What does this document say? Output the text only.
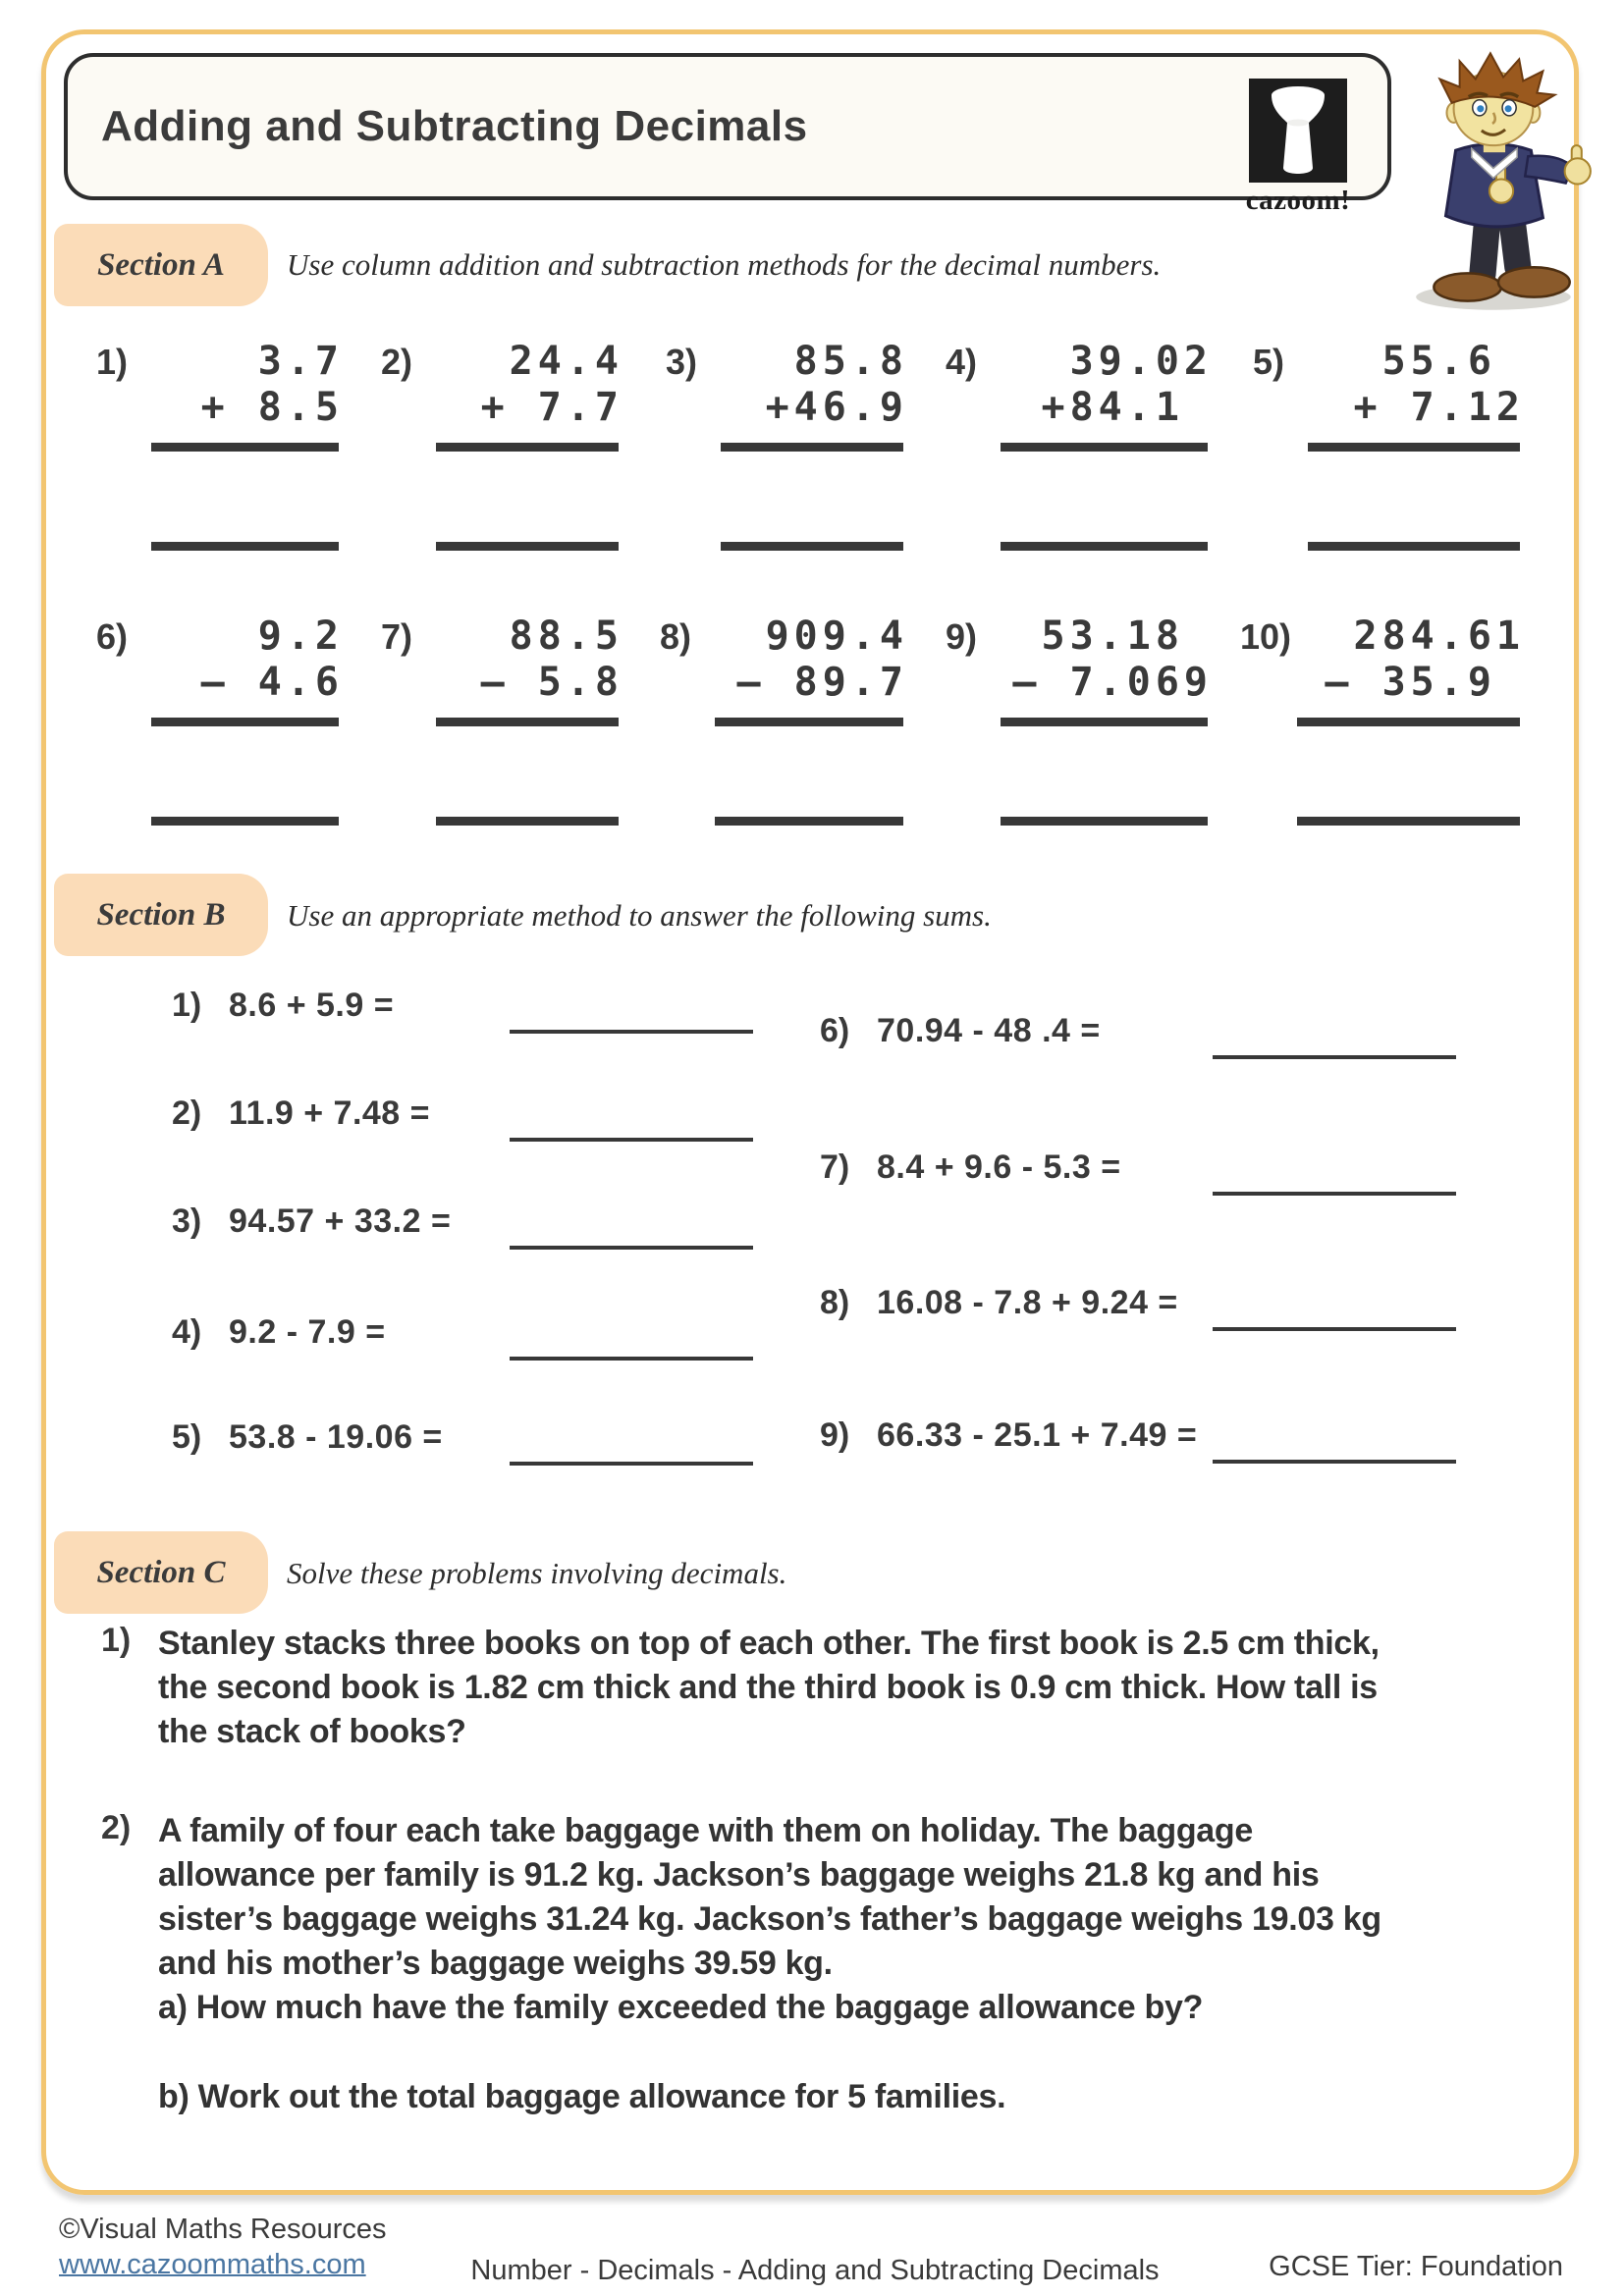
Adding and Subtracting Decimals
cazoom!
Section A Use column addition and subtraction methods for the decimal numbers.
1)	3.7
+ 8.5
2)	24.4
+ 7.7
3)	85.8
+46.9
4)	39.02
+84.1
5)	55.6
+ 7.12
6)	9.2
– 4.6
7)	88.5
– 5.8
8)	909.4
– 89.7
9)	53.18
– 7.069
10)	284.61
– 35.9
Section B Use an appropriate method to answer the following sums.
1) 8.6 + 5.9 =
2) 11.9 + 7.48 =
3) 94.57 + 33.2 =
4) 9.2 - 7.9 =
5) 53.8 - 19.06 =
6) 70.94 - 48 .4 =
7) 8.4 + 9.6 - 5.3 =
8) 16.08 - 7.8 + 9.24 =
9) 66.33 - 25.1 + 7.49 =
Section C Solve these problems involving decimals.
1) Stanley stacks three books on top of each other. The first book is 2.5 cm thick,
the second book is 1.82 cm thick and the third book is 0.9 cm thick. How tall is
the stack of books?
2) A family of four each take baggage with them on holiday. The baggage
allowance per family is 91.2 kg. Jackson’s baggage weighs 21.8 kg and his
sister’s baggage weighs 31.24 kg. Jackson’s father’s baggage weighs 19.03 kg
and his mother’s baggage weighs 39.59 kg.
a) How much have the family exceeded the baggage allowance by?
b) Work out the total baggage allowance for 5 families.
©Visual Maths Resources
www.cazoommaths.com	Number - Decimals - Adding and Subtracting Decimals	GCSE Tier: Foundation
